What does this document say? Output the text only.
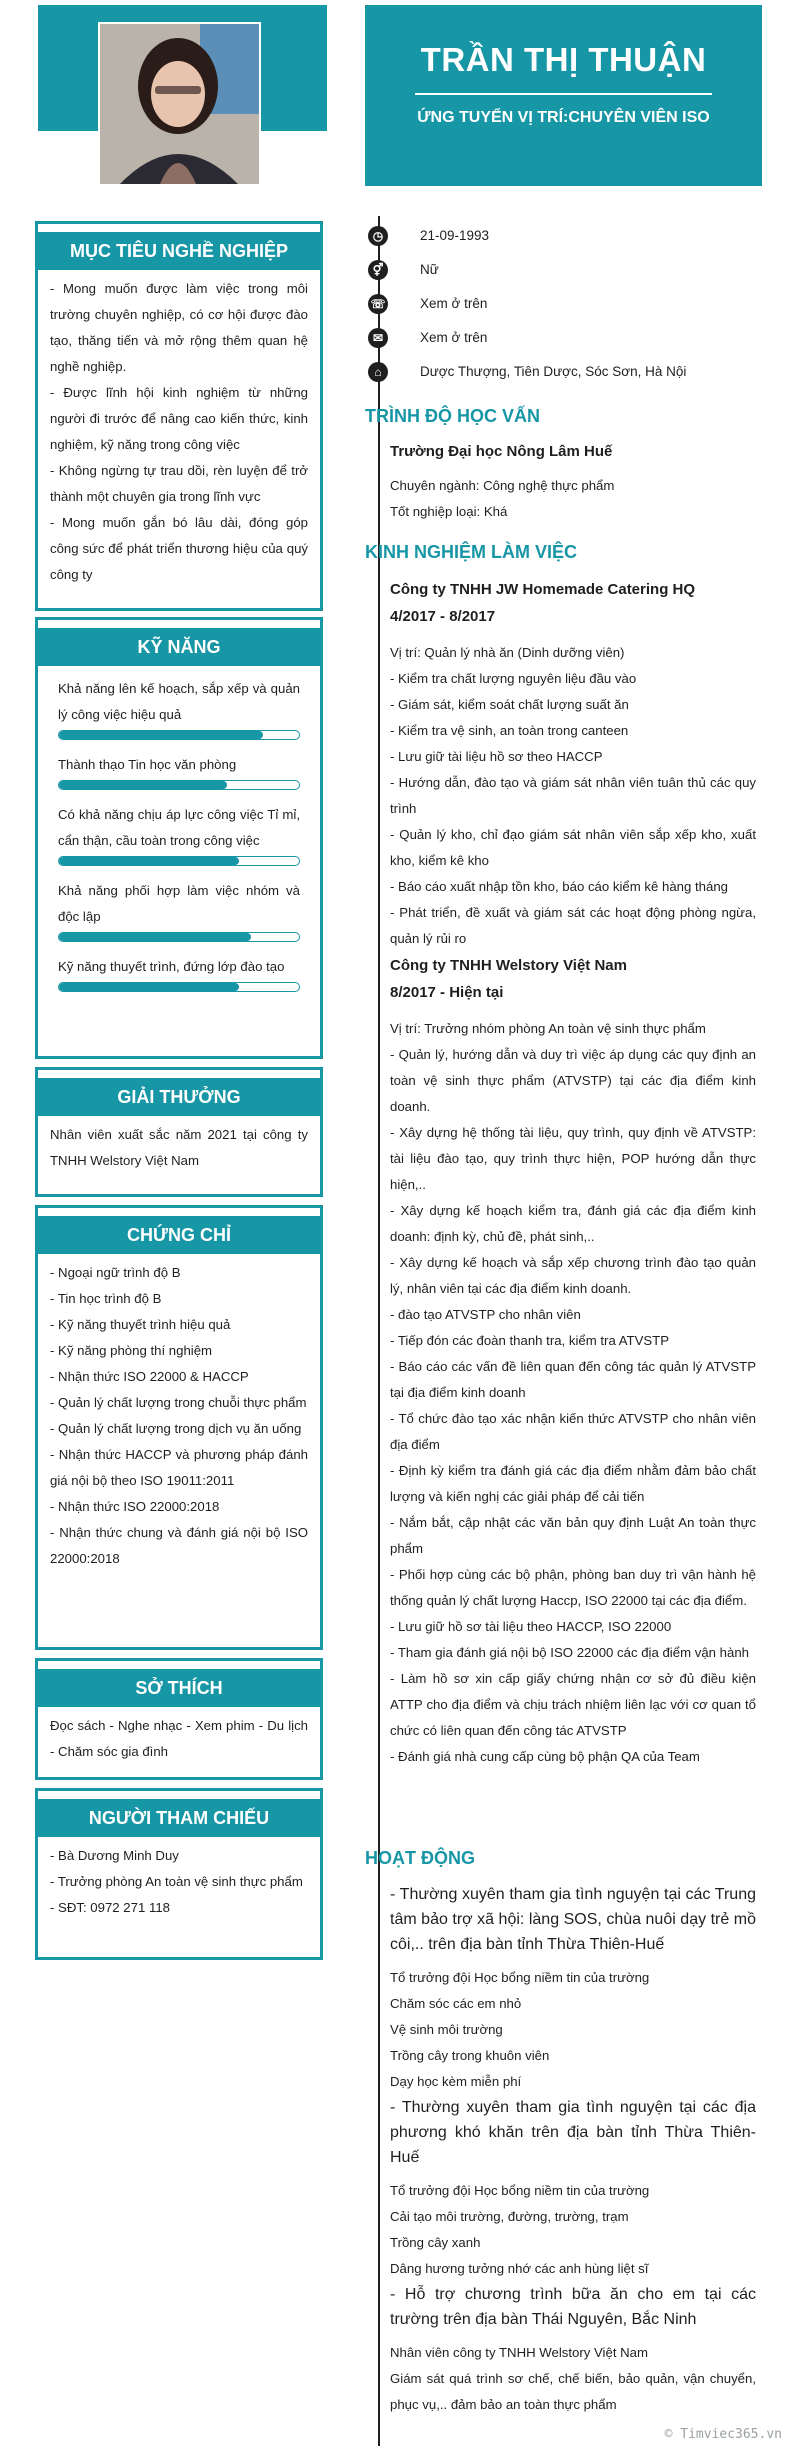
TRẦN THỊ THUẬN
ỨNG TUYỂN VỊ TRÍ:CHUYÊN VIÊN ISO
MỤC TIÊU NGHỀ NGHIỆP
- Mong muốn được làm việc trong môi trường chuyên nghiệp, có cơ hội được đào tạo, thăng tiến và mở rộng thêm quan hệ nghề nghiệp.
- Được lĩnh hội kinh nghiệm từ những người đi trước để nâng cao kiến thức, kinh nghiệm, kỹ năng trong công việc
- Không ngừng tự trau dồi, rèn luyện để trở thành một chuyên gia trong lĩnh vực
- Mong muốn gắn bó lâu dài, đóng góp công sức để phát triển thương hiệu của quý công ty
KỸ NĂNG
Khả năng lên kế hoạch, sắp xếp và quản lý công việc hiệu quả
Thành thạo Tin học văn phòng
Có khả năng chịu áp lực công việc Tỉ mỉ, cẩn thận, cầu toàn trong công việc
Khả năng phối hợp làm việc nhóm và độc lập
Kỹ năng thuyết trình, đứng lớp đào tạo
GIẢI THƯỞNG
Nhân viên xuất sắc năm 2021 tại công ty TNHH Welstory Việt Nam
CHỨNG CHỈ
- Ngoại ngữ trình độ B
- Tin học trình độ B
- Kỹ năng thuyết trình hiệu quả
- Kỹ năng phòng thí nghiệm
- Nhận thức ISO 22000 & HACCP
- Quản lý chất lượng trong chuỗi thực phẩm
- Quản lý chất lượng trong dịch vụ ăn uống
- Nhận thức HACCP và phương pháp đánh giá nội bộ theo ISO 19011:2011
- Nhận thức ISO 22000:2018
- Nhận thức chung và đánh giá nội bộ ISO 22000:2018
SỞ THÍCH
Đọc sách - Nghe nhạc - Xem phim - Du lịch - Chăm sóc gia đình
NGƯỜI THAM CHIẾU
- Bà Dương Minh Duy
- Trưởng phòng An toàn vệ sinh thực phẩm
- SĐT: 0972 271 118
◷	21-09-1993
⚥	Nữ
☏	Xem ở trên
✉	Xem ở trên
⌂	Dược Thượng, Tiên Dược, Sóc Sơn, Hà Nội
TRÌNH ĐỘ HỌC VẤN
Trường Đại học Nông Lâm Huế
Chuyên ngành: Công nghệ thực phẩm
Tốt nghiệp loại: Khá
KINH NGHIỆM LÀM VIỆC
Công ty TNHH JW Homemade Catering HQ
4/2017 - 8/2017
Vị trí: Quản lý nhà ăn (Dinh dưỡng viên)
- Kiểm tra chất lượng nguyên liệu đầu vào
- Giám sát, kiểm soát chất lượng suất ăn
- Kiểm tra vệ sinh, an toàn trong canteen
- Lưu giữ tài liệu hồ sơ theo HACCP
- Hướng dẫn, đào tạo và giám sát nhân viên tuân thủ các quy trình
- Quản lý kho, chỉ đạo giám sát nhân viên sắp xếp kho, xuất kho, kiểm kê kho
- Báo cáo xuất nhập tồn kho, báo cáo kiểm kê hàng tháng
- Phát triển, đề xuất và giám sát các hoạt động phòng ngừa, quản lý rủi ro
Công ty TNHH Welstory Việt Nam
8/2017 - Hiện tại
Vị trí: Trưởng nhóm phòng An toàn vệ sinh thực phẩm
- Quản lý, hướng dẫn và duy trì việc áp dụng các quy định an toàn vệ sinh thực phẩm (ATVSTP) tại các địa điểm kinh doanh.
- Xây dựng hệ thống tài liệu, quy trình, quy định về ATVSTP: tài liệu đào tạo, quy trình thực hiện, POP hướng dẫn thực hiện,..
- Xây dựng kế hoạch kiểm tra, đánh giá các địa điểm kinh doanh: định kỳ, chủ đề, phát sinh,..
- Xây dựng kế hoạch và sắp xếp chương trình đào tạo quản lý, nhân viên tại các địa điểm kinh doanh.
- đào tạo ATVSTP cho nhân viên
- Tiếp đón các đoàn thanh tra, kiểm tra ATVSTP
- Báo cáo các vấn đề liên quan đến công tác quản lý ATVSTP tại địa điểm kinh doanh
- Tổ chức đào tạo xác nhận kiến thức ATVSTP cho nhân viên địa điểm
- Định kỳ kiểm tra đánh giá các địa điểm nhằm đảm bảo chất lượng và kiến nghị các giải pháp để cải tiến
- Nắm bắt, cập nhật các văn bản quy định Luật An toàn thực phẩm
- Phối hợp cùng các bộ phận, phòng ban duy trì vận hành hệ thống quản lý chất lượng Haccp, ISO 22000 tại các địa điểm.
- Lưu giữ hồ sơ tài liệu theo HACCP, ISO 22000
- Tham gia đánh giá nội bộ ISO 22000 các địa điểm vận hành
- Làm hồ sơ xin cấp giấy chứng nhận cơ sở đủ điều kiện ATTP cho địa điểm và chịu trách nhiệm liên lạc với cơ quan tổ chức có liên quan đến công tác ATVSTP
- Đánh giá nhà cung cấp cùng bộ phận QA của Team
HOẠT ĐỘNG
- Thường xuyên tham gia tình nguyện tại các Trung tâm bảo trợ xã hội: làng SOS, chùa nuôi dạy trẻ mồ côi,.. trên địa bàn tỉnh Thừa Thiên-Huế
Tổ trưởng đội Học bổng niềm tin của trường
Chăm sóc các em nhỏ
Vệ sinh môi trường
Trồng cây trong khuôn viên
Dạy học kèm miễn phí
- Thường xuyên tham gia tình nguyện tại các địa phương khó khăn trên địa bàn tỉnh Thừa Thiên-Huế
Tổ trưởng đội Học bổng niềm tin của trường
Cải tạo môi trường, đường, trường, trạm
Trồng cây xanh
Dâng hương tưởng nhớ các anh hùng liệt sĩ
- Hỗ trợ chương trình bữa ăn cho em tại các trường trên địa bàn Thái Nguyên, Bắc Ninh
Nhân viên công ty TNHH Welstory Việt Nam
Giám sát quá trình sơ chế, chế biến, bảo quản, vận chuyển, phục vụ,.. đảm bảo an toàn thực phẩm
© Timviec365.vn
